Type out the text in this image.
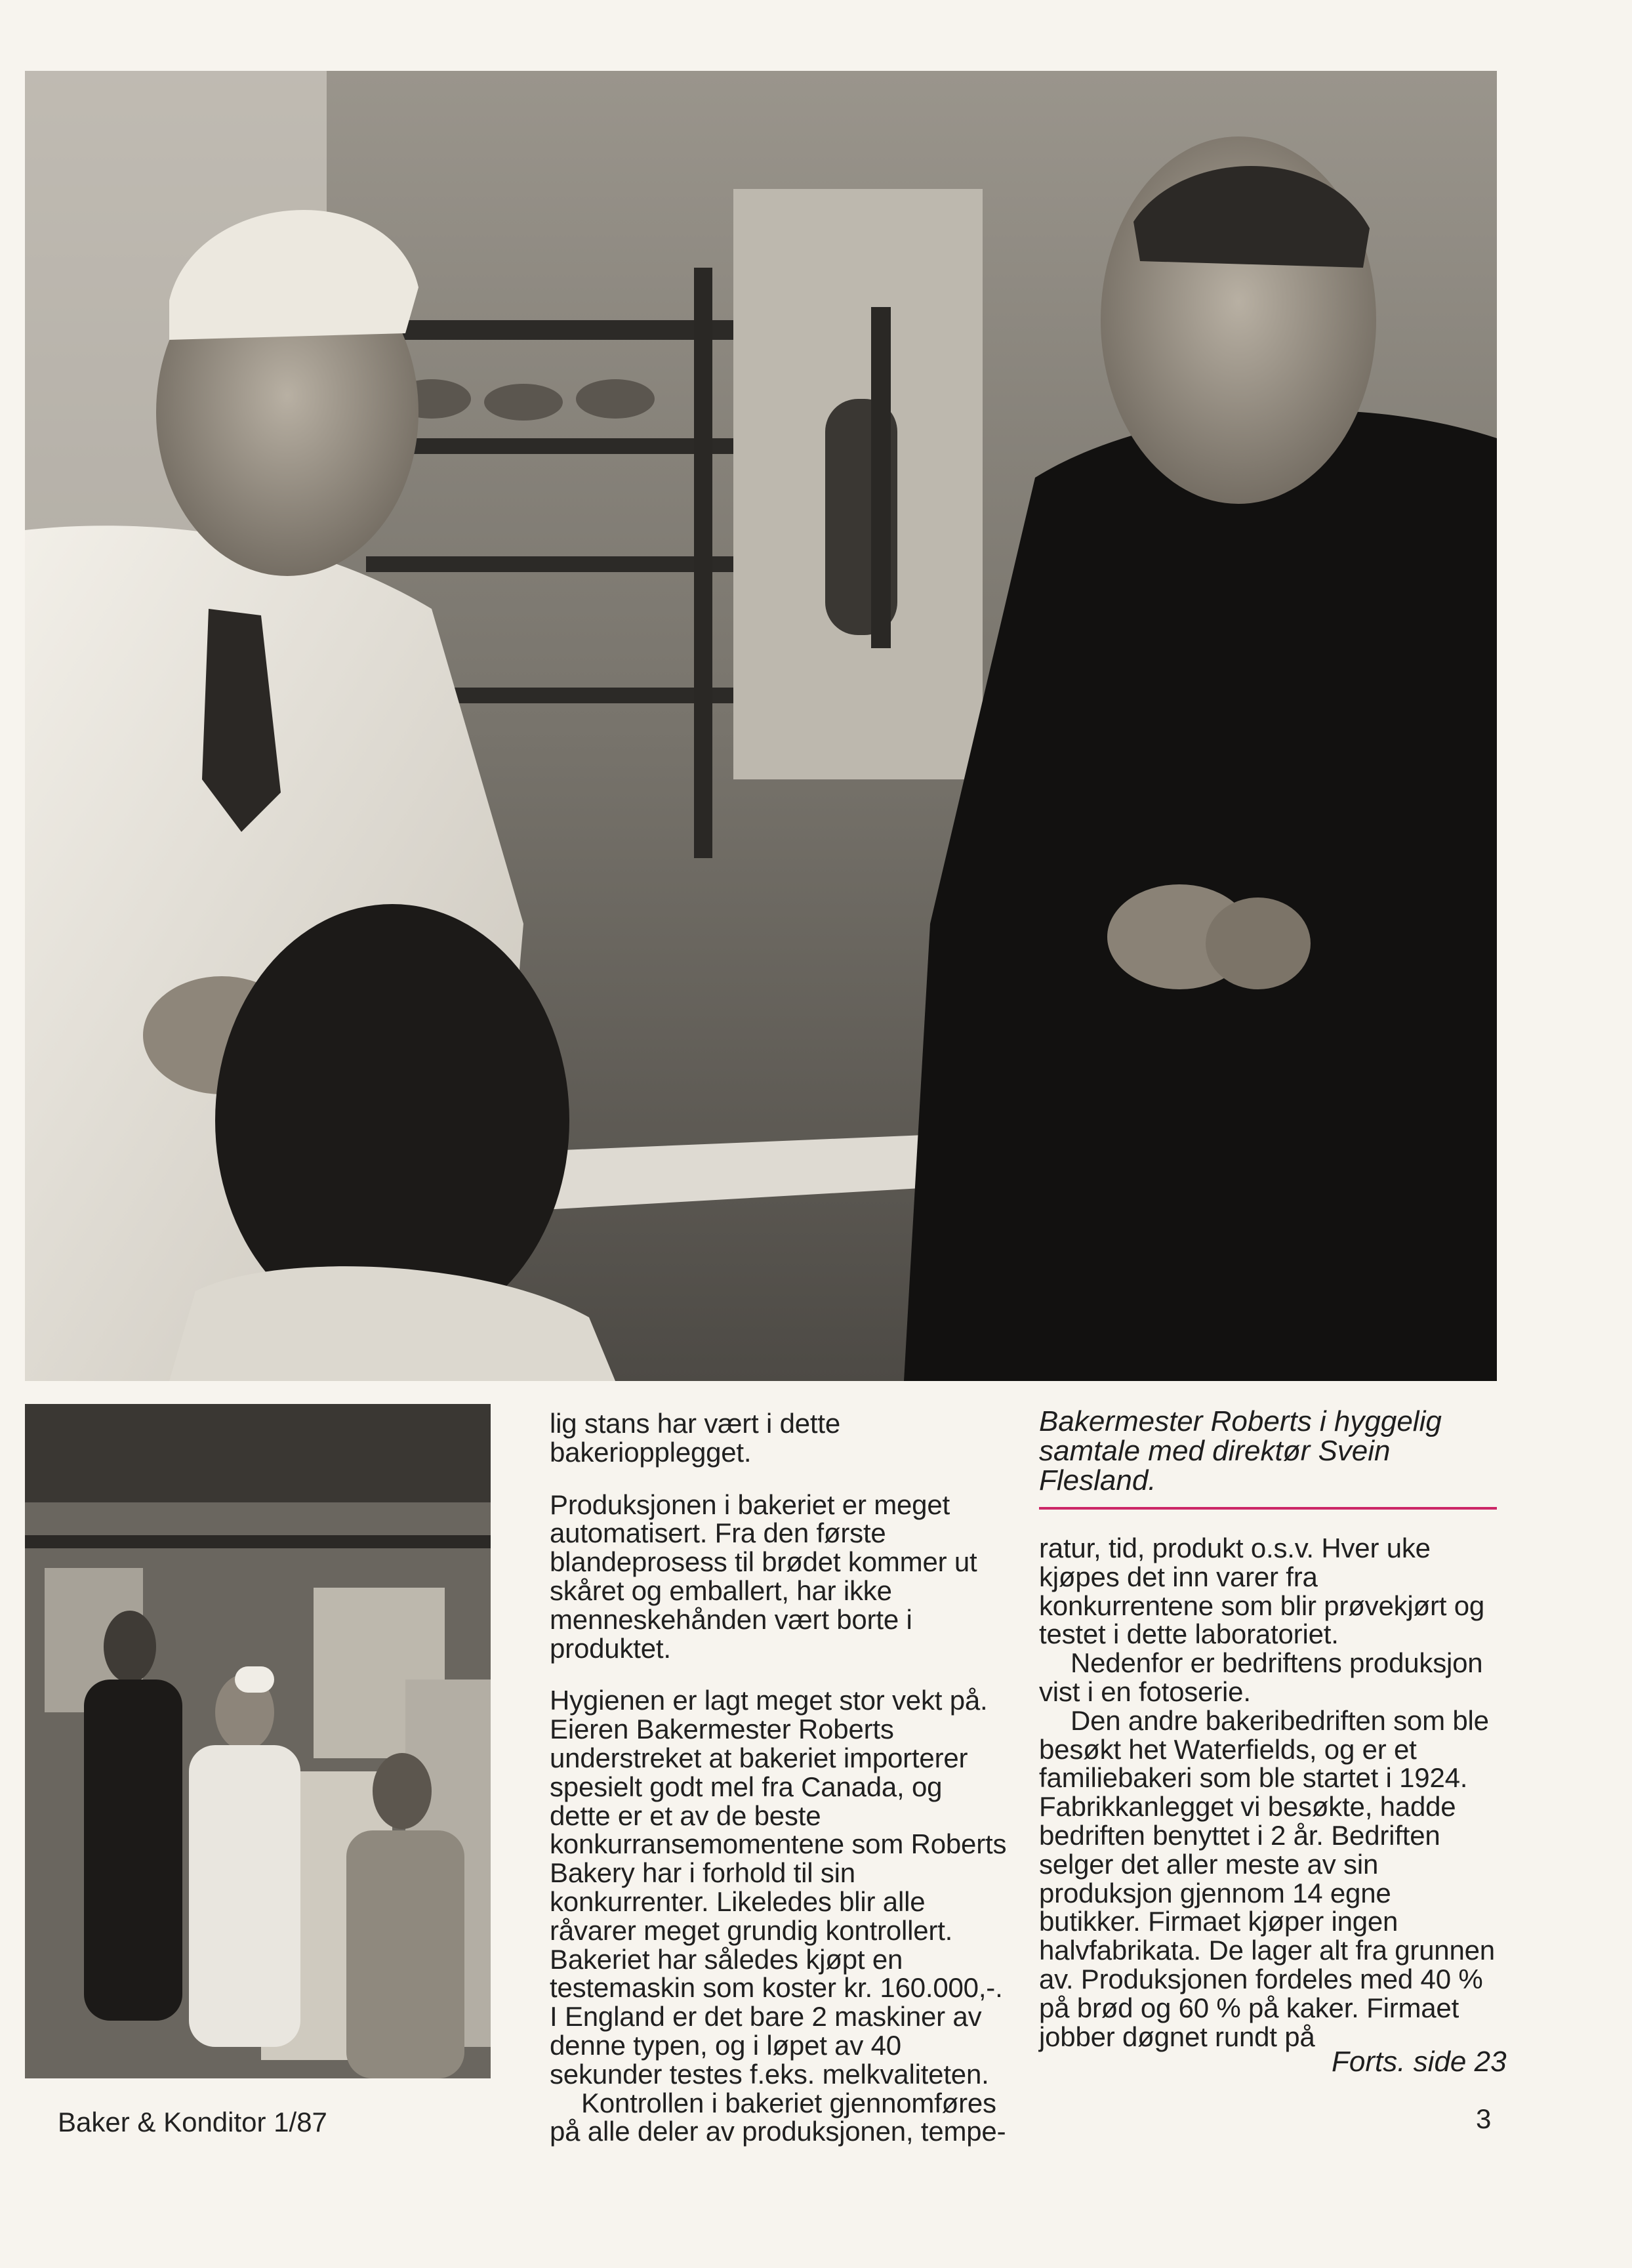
lig stans har vært i dette bakeriopplegget.

Produksjonen i bakeriet er meget automatisert. Fra den første blandeprosess til brødet kommer ut skåret og emballert, har ikke menneskehånden vært borte i produktet.

Hygienen er lagt meget stor vekt på. Eieren Bakermester Roberts understreket at bakeriet importerer spesielt godt mel fra Canada, og dette er et av de beste konkurransemomentene som Roberts Bakery har i forhold til sin konkurrenter. Likeledes blir alle råvarer meget grundig kontrollert. Bakeriet har således kjøpt en testemaskin som koster kr. 160.000,-. I England er det bare 2 maskiner av denne typen, og i løpet av 40 sekunder testes f.eks. melkvaliteten.

Kontrollen i bakeriet gjennomføres på alle deler av produksjonen, tempe-

Bakermester Roberts i hyggelig samtale med direktør Svein Flesland.

ratur, tid, produkt o.s.v. Hver uke kjøpes det inn varer fra konkurrentene som blir prøvekjørt og testet i dette laboratoriet.

Nedenfor er bedriftens produksjon vist i en fotoserie.

Den andre bakeribedriften som ble besøkt het Waterfields, og er et familiebakeri som ble startet i 1924. Fabrikkanlegget vi besøkte, hadde bedriften benyttet i 2 år. Bedriften selger det aller meste av sin produksjon gjennom 14 egne butikker. Firmaet kjøper ingen halvfabrikata. De lager alt fra grunnen av. Produksjonen fordeles med 40 % på brød og 60 % på kaker. Firmaet jobber døgnet rundt på

Forts. side 23
Baker & Konditor 1/87	3
